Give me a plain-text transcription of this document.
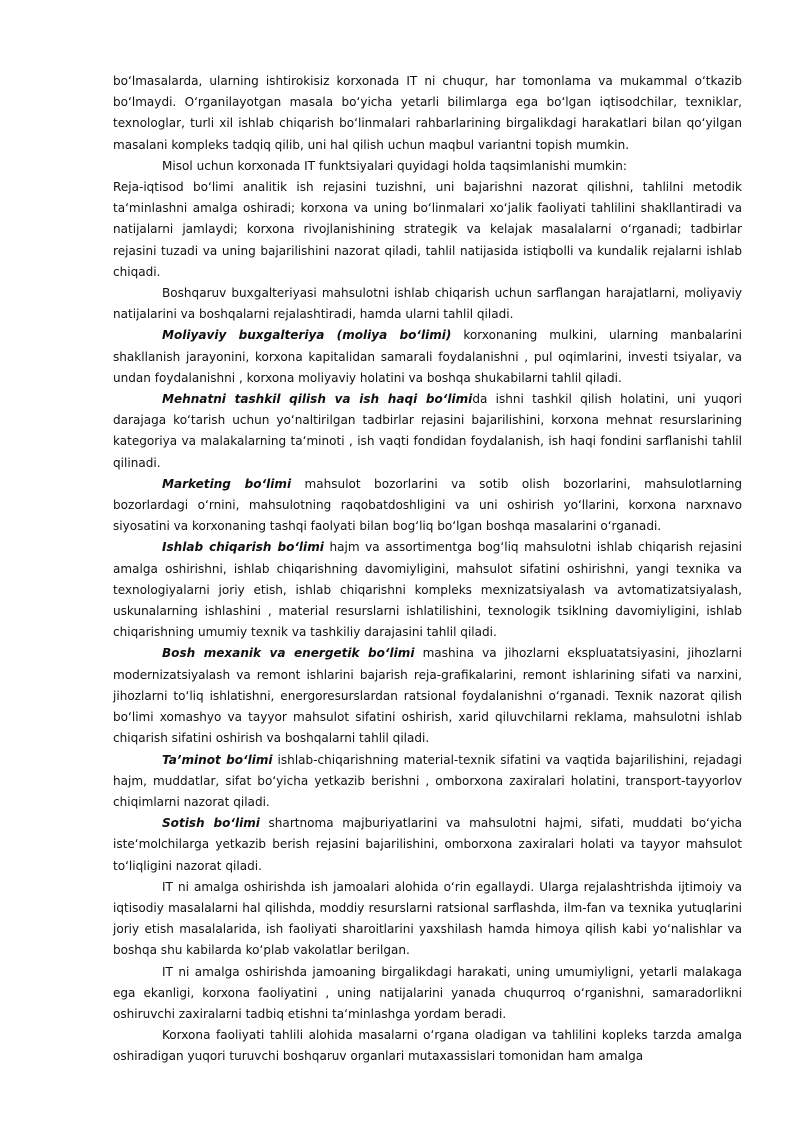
bo‘lmasalarda, ularning ishtirokisiz korxonada IT ni chuqur, har tomonlama va mukammal o‘tkazib bo‘lmaydi. O‘rganilayotgan masala bo‘yicha yetarli bilimlarga ega bo‘lgan iqtisodchilar, texniklar, texnologlar, turli xil ishlab chiqarish bo‘linmalari rahbarlarining birgalikdagi harakatlari bilan qo‘yilgan masalani kompleks tadqiq qilib, uni hal qilish uchun maqbul variantni topish mumkin.

Misol uchun korxonada IT funktsiyalari quyidagi holda taqsimlanishi mumkin:

Reja-iqtisod bo‘limi analitik ish rejasini tuzishni, uni bajarishni nazorat qilishni, tahlilni metodik ta‘minlashni amalga oshiradi; korxona va uning bo‘linmalari xo‘jalik faoliyati tahlilini shakllantiradi va natijalarni jamlaydi; korxona rivojlanishining strategik va kelajak masalalarni o‘rganadi; tadbirlar rejasini tuzadi va uning bajarilishini nazorat qiladi, tahlil natijasida istiqbolli va kundalik rejalarni ishlab chiqadi.

Boshqaruv buxgalteriyasi mahsulotni ishlab chiqarish uchun sarflangan harajatlarni, moliyaviy natijalarini va boshqalarni rejalashtiradi, hamda ularni tahlil qiladi.

Moliyaviy buxgalteriya (moliya bo‘limi) korxonaning mulkini, ularning manbalarini shakllanish jarayonini, korxona kapitalidan samarali foydalanishni , pul oqimlarini, investi tsiyalar, va undan foydalanishni , korxona moliyaviy holatini va boshqa shukabilarni tahlil qiladi.

Mehnatni tashkil qilish va ish haqi bo‘limida ishni tashkil qilish holatini, uni yuqori darajaga ko‘tarish uchun yo‘naltirilgan tadbirlar rejasini bajarilishini, korxona mehnat resurslarining kategoriya va malakalarning ta‘minoti , ish vaqti fondidan foydalanish, ish haqi fondini sarflanishi tahlil qilinadi.

Marketing bo‘limi mahsulot bozorlarini va sotib olish bozorlarini, mahsulotlarning bozorlardagi o‘rnini, mahsulotning raqobatdoshligini va uni oshirish yo‘llarini, korxona narxnavo siyosatini va korxonaning tashqi faolyati bilan bog‘liq bo‘lgan boshqa masalarini o‘rganadi.

Ishlab chiqarish bo‘limi hajm va assortimentga bog‘liq mahsulotni ishlab chiqarish rejasini amalga oshirishni, ishlab chiqarishning davomiyligini, mahsulot sifatini oshirishni, yangi texnika va texnologiyalarni joriy etish, ishlab chiqarishni kompleks mexnizatsiyalash va avtomatizatsiyalash, uskunalarning ishlashini , material resurslarni ishlatilishini, texnologik tsiklning davomiyligini, ishlab chiqarishning umumiy texnik va tashkiliy darajasini tahlil qiladi.

Bosh mexanik va energetik bo‘limi mashina va jihozlarni ekspluatatsiyasini, jihozlarni modernizatsiyalash va remont ishlarini bajarish reja-grafikalarini, remont ishlarining sifati va narxini, jihozlarni to‘liq ishlatishni, energoresurslardan ratsional foydalanishni o‘rganadi. Texnik nazorat qilish bo‘limi xomashyo va tayyor mahsulot sifatini oshirish, xarid qiluvchilarni reklama, mahsulotni ishlab chiqarish sifatini oshirish va boshqalarni tahlil qiladi.

Ta’minot bo‘limi ishlab-chiqarishning material-texnik sifatini va vaqtida bajarilishini, rejadagi hajm, muddatlar, sifat bo‘yicha yetkazib berishni , omborxona zaxiralari holatini, transport-tayyorlov chiqimlarni nazorat qiladi.

Sotish bo‘limi shartnoma majburiyatlarini va mahsulotni hajmi, sifati, muddati bo‘yicha iste‘molchilarga yetkazib berish rejasini bajarilishini, omborxona zaxiralari holati va tayyor mahsulot to‘liqligini nazorat qiladi.

IT ni amalga oshirishda ish jamoalari alohida o‘rin egallaydi. Ularga rejalashtrishda ijtimoiy va iqtisodiy masalalarni hal qilishda, moddiy resurslarni ratsional sarflashda, ilm-fan va texnika yutuqlarini joriy etish masalalarida, ish faoliyati sharoitlarini yaxshilash hamda himoya qilish kabi yo‘nalishlar va boshqa shu kabilarda ko‘plab vakolatlar berilgan.

IT ni amalga oshirishda jamoaning birgalikdagi harakati, uning umumiyligni, yetarli malakaga ega ekanligi, korxona faoliyatini , uning natijalarini yanada chuqurroq o‘rganishni, samaradorlikni oshiruvchi zaxiralarni tadbiq etishni ta‘minlashga yordam beradi.

Korxona faoliyati tahlili alohida masalarni o‘rgana oladigan va tahlilini kopleks tarzda amalga oshiradigan yuqori turuvchi boshqaruv organlari mutaxassislari tomonidan ham amalga
